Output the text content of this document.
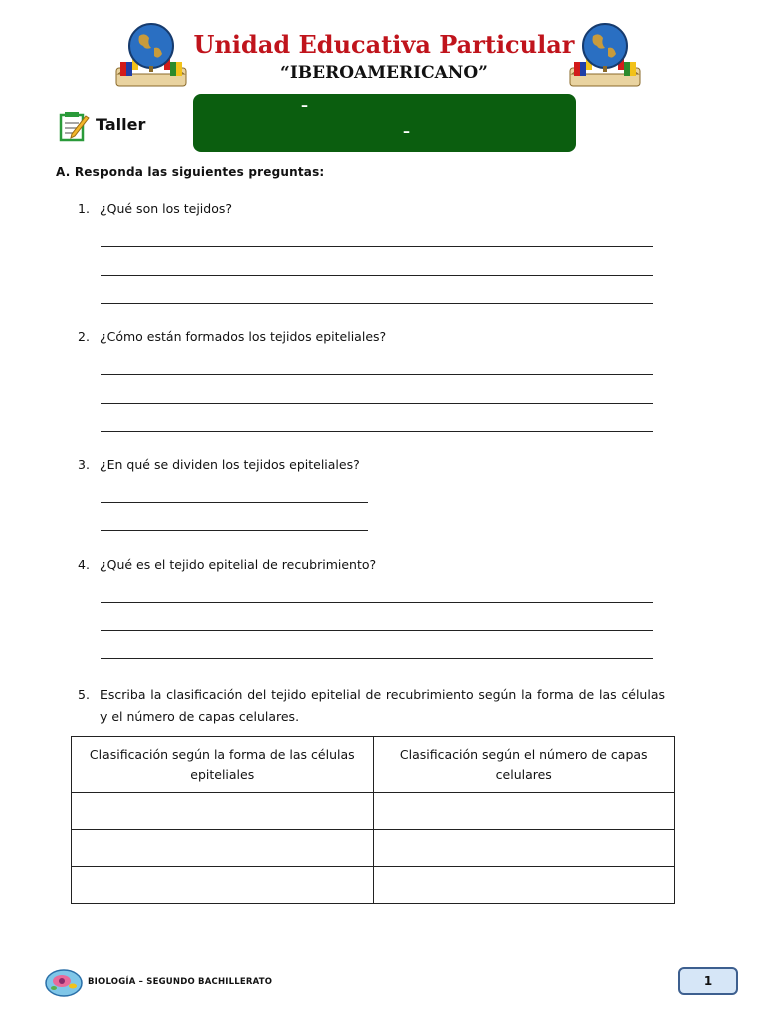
Unidad Educativa Particular
“IBEROAMERICANO”
Taller
–
–
A. Responda las siguientes preguntas:
1. ¿Qué son los tejidos?
2. ¿Cómo están formados los tejidos epiteliales?
3. ¿En qué se dividen los tejidos epiteliales?
4. ¿Qué es el tejido epitelial de recubrimiento?
5. Escriba la clasificación del tejido epitelial de recubrimiento según la forma de las células y el número de capas celulares.
Clasificación según la forma de las células epiteliales	Clasificación según el número de capas celulares

BIOLOGÍA – SEGUNDO BACHILLERATO	1
